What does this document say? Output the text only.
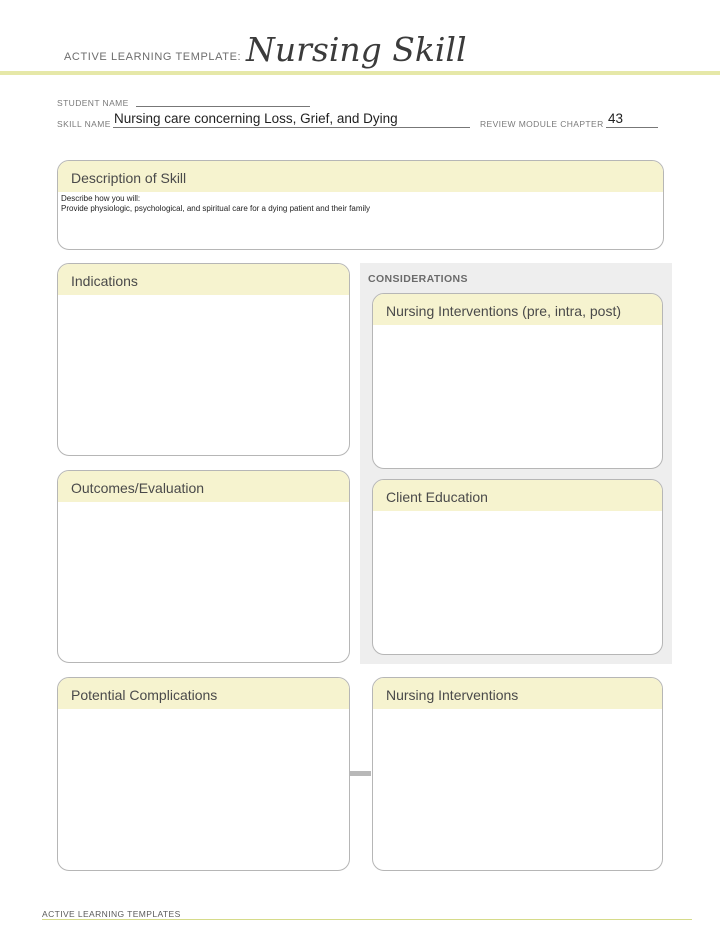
ACTIVE LEARNING TEMPLATE: Nursing Skill
STUDENT NAME
SKILL NAME Nursing care concerning Loss, Grief, and Dying	REVIEW MODULE CHAPTER 43
Description of Skill
Describe how you will:
Provide physiologic, psychological, and spiritual care for a dying patient and their family
Indications
Outcomes/Evaluation
CONSIDERATIONS
Nursing Interventions (pre, intra, post)
Client Education
Potential Complications	Nursing Interventions
ACTIVE LEARNING TEMPLATES
